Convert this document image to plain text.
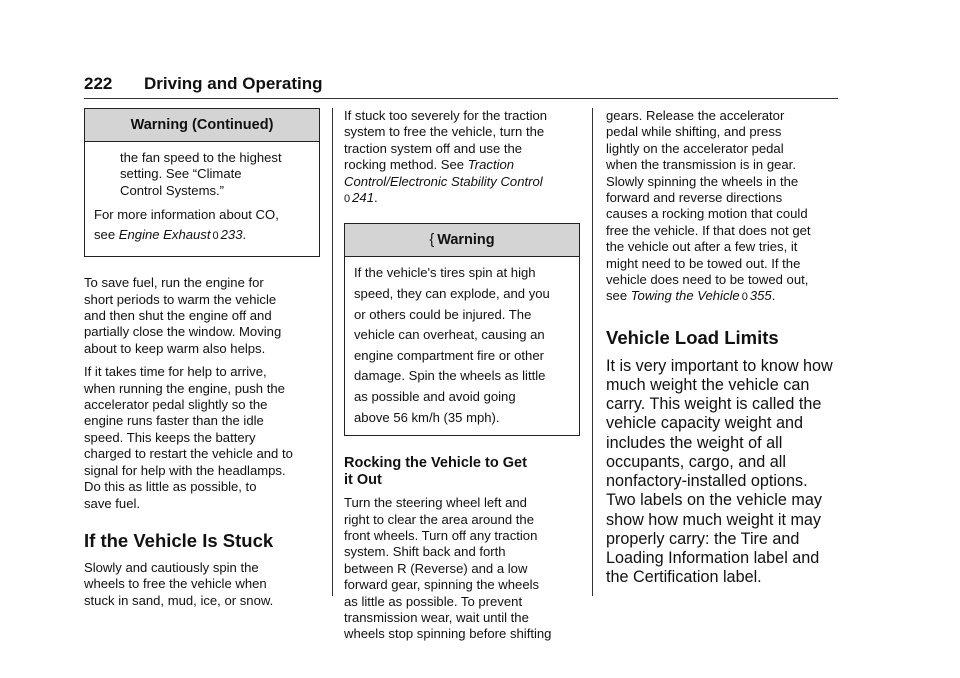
222 Driving and Operating
Warning (Continued)

the fan speed to the highest

setting. See “Climate

Control Systems.”

For more information about CO,

see Engine Exhaust 0 233.

To save fuel, run the engine for

short periods to warm the vehicle

and then shut the engine off and

partially close the window. Moving

about to keep warm also helps.

If it takes time for help to arrive,

when running the engine, push the

accelerator pedal slightly so the

engine runs faster than the idle

speed. This keeps the battery

charged to restart the vehicle and to

signal for help with the headlamps.

Do this as little as possible, to

save fuel.

If the Vehicle Is Stuck

Slowly and cautiously spin the

wheels to free the vehicle when

stuck in sand, mud, ice, or snow.

If stuck too severely for the traction

system to free the vehicle, turn the

traction system off and use the

rocking method. See Traction

Control/Electronic Stability Control

0 241.

{ Warning

If the vehicle's tires spin at high

speed, they can explode, and you

or others could be injured. The

vehicle can overheat, causing an

engine compartment fire or other

damage. Spin the wheels as little

as possible and avoid going

above 56 km/h (35 mph).

Rocking the Vehicle to Get
it Out

Turn the steering wheel left and

right to clear the area around the

front wheels. Turn off any traction

system. Shift back and forth

between R (Reverse) and a low

forward gear, spinning the wheels

as little as possible. To prevent

transmission wear, wait until the

wheels stop spinning before shifting

gears. Release the accelerator

pedal while shifting, and press

lightly on the accelerator pedal

when the transmission is in gear.

Slowly spinning the wheels in the

forward and reverse directions

causes a rocking motion that could

free the vehicle. If that does not get

the vehicle out after a few tries, it

might need to be towed out. If the

vehicle does need to be towed out,

see Towing the Vehicle 0 355.

Vehicle Load Limits

It is very important to know how

much weight the vehicle can

carry. This weight is called the

vehicle capacity weight and

includes the weight of all

occupants, cargo, and all

nonfactory-installed options.

Two labels on the vehicle may

show how much weight it may

properly carry: the Tire and

Loading Information label and

the Certification label.
